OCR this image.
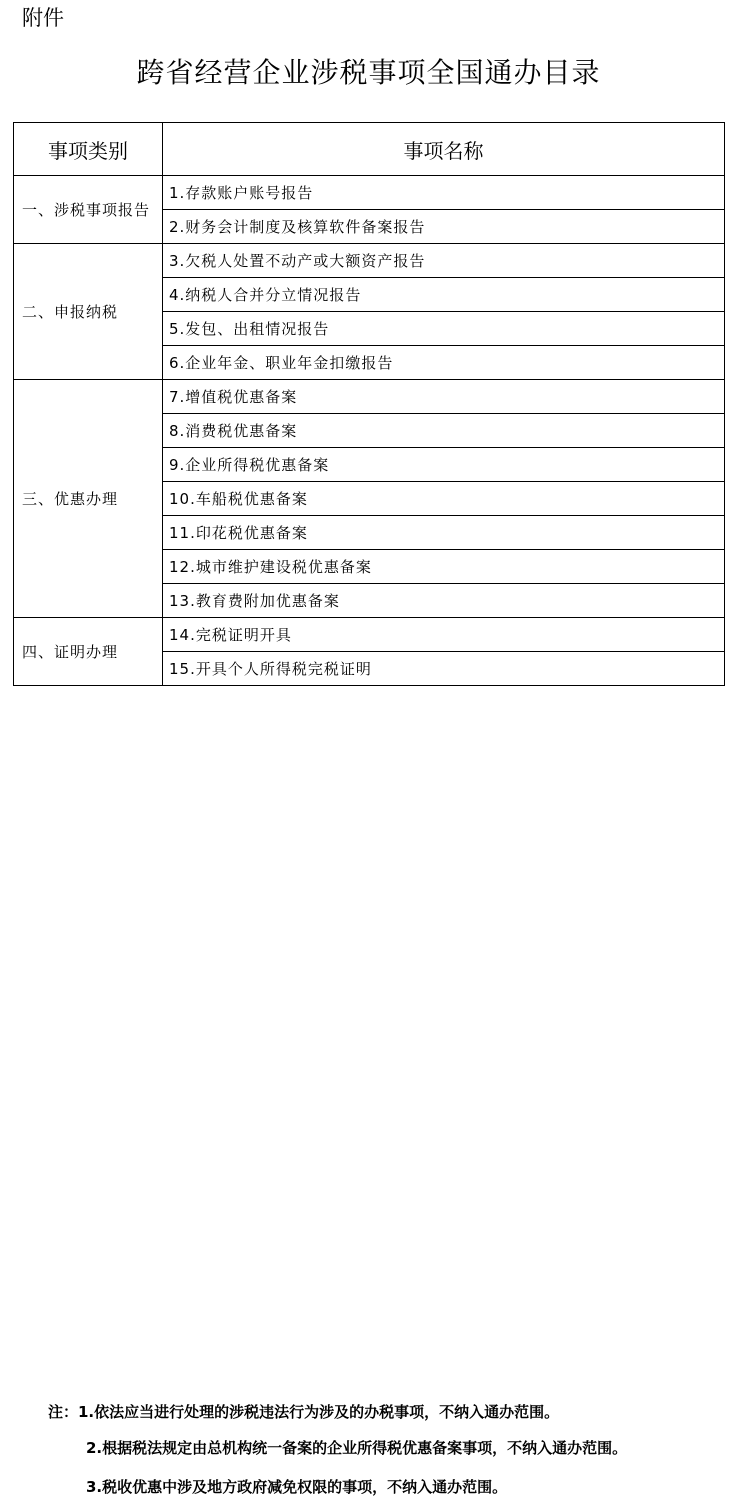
附件
跨省经营企业涉税事项全国通办目录
事项类别	事项名称
一、涉税事项报告	1.存款账户账号报告
	2.财务会计制度及核算软件备案报告
二、申报纳税	3.欠税人处置不动产或大额资产报告
	4.纳税人合并分立情况报告
	5.发包、出租情况报告
	6.企业年金、职业年金扣缴报告
三、优惠办理	7.增值税优惠备案
	8.消费税优惠备案
	9.企业所得税优惠备案
	10.车船税优惠备案
	11.印花税优惠备案
	12.城市维护建设税优惠备案
	13.教育费附加优惠备案
四、证明办理	14.完税证明开具
	15.开具个人所得税完税证明
注：1.依法应当进行处理的涉税违法行为涉及的办税事项，不纳入通办范围。
2.根据税法规定由总机构统一备案的企业所得税优惠备案事项，不纳入通办范围。
3.税收优惠中涉及地方政府减免权限的事项，不纳入通办范围。
